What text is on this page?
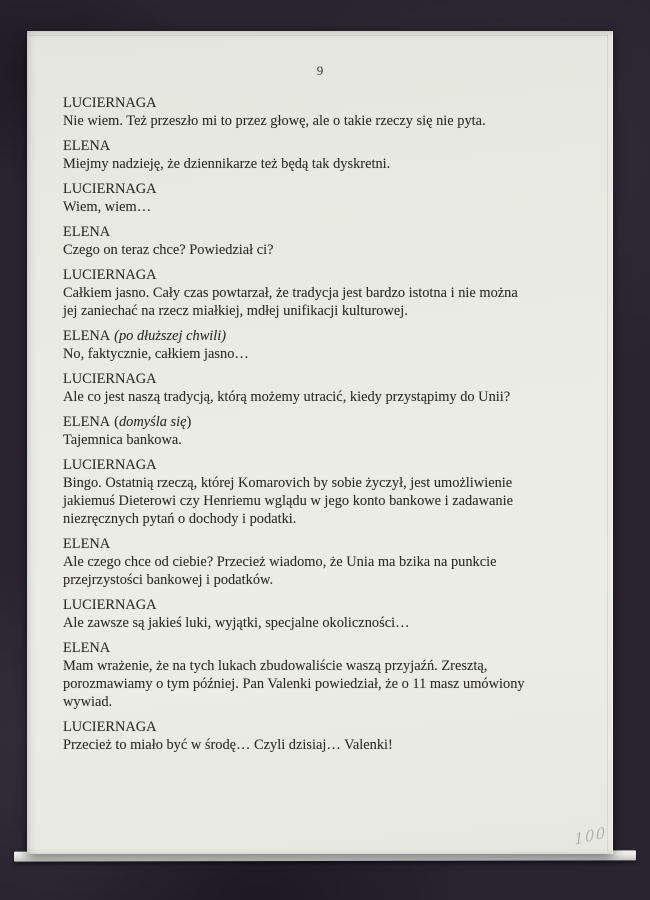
9
LUCIERNAGA
Nie wiem. Też przeszło mi to przez głowę, ale o takie rzeczy się nie pyta.
ELENA
Miejmy nadzieję, że dziennikarze też będą tak dyskretni.
LUCIERNAGA
Wiem, wiem…
ELENA
Czego on teraz chce? Powiedział ci?
LUCIERNAGA
Całkiem jasno. Cały czas powtarzał, że tradycja jest bardzo istotna i nie można
jej zaniechać na rzecz miałkiej, mdłej unifikacji kulturowej.
ELENA (po dłuższej chwili)
No, faktycznie, całkiem jasno…
LUCIERNAGA
Ale co jest naszą tradycją, którą możemy utracić, kiedy przystąpimy do Unii?
ELENA (domyśla się)
Tajemnica bankowa.
LUCIERNAGA
Bingo. Ostatnią rzeczą, której Komarovich by sobie życzył, jest umożliwienie
jakiemuś Dieterowi czy Henriemu wglądu w jego konto bankowe i zadawanie
niezręcznych pytań o dochody i podatki.
ELENA
Ale czego chce od ciebie? Przecież wiadomo, że Unia ma bzika na punkcie
przejrzystości bankowej i podatków.
LUCIERNAGA
Ale zawsze są jakieś luki, wyjątki, specjalne okoliczności…
ELENA
Mam wrażenie, że na tych lukach zbudowaliście waszą przyjaźń. Zresztą,
porozmawiamy o tym później. Pan Valenki powiedział, że o 11 masz umówiony
wywiad.
LUCIERNAGA
Przecież to miało być w środę… Czyli dzisiaj… Valenki!
100
